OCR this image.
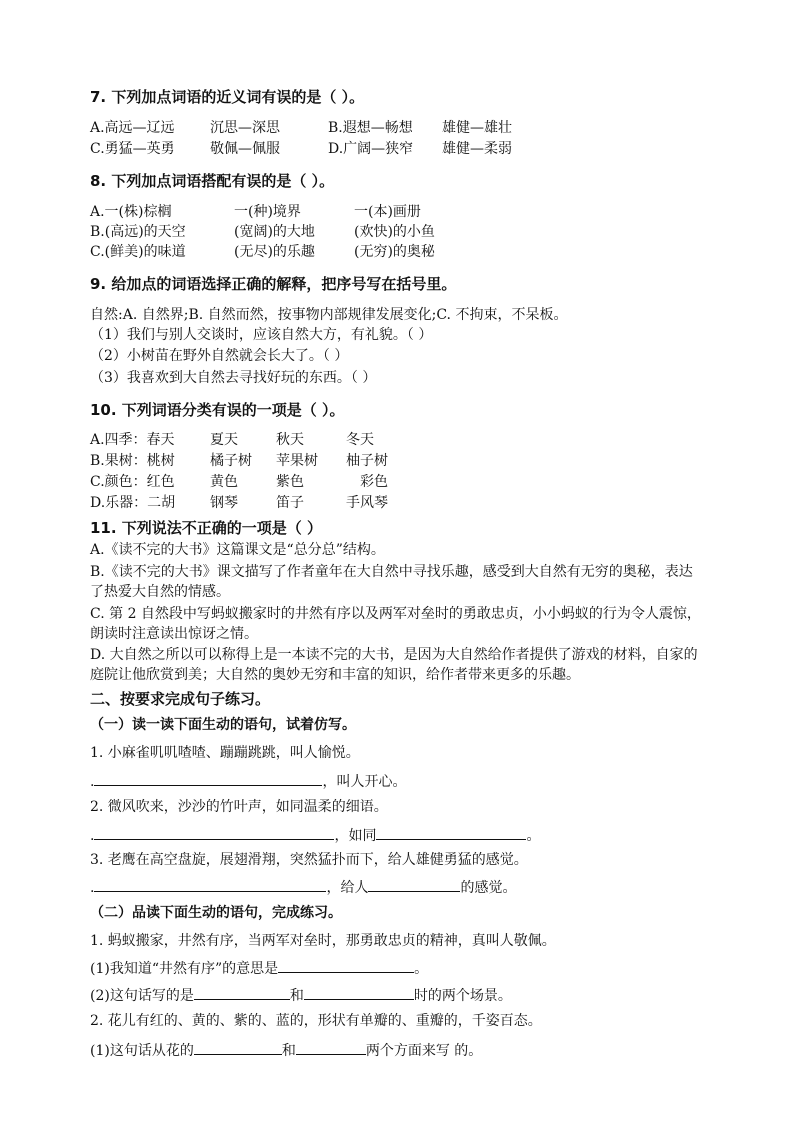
7. 下列加点词语的近义词有误的是（ ）。
A.高远—辽远	沉思—深思	B.遐想—畅想 雄健—雄壮
C.勇猛—英勇	敬佩—佩服	D.广阔—狭窄 雄健—柔弱
8. 下列加点词语搭配有误的是（ ）。
A.一(株)棕榈	一(种)境界	一(本)画册
B.(高远)的天空	(宽阔)的大地	(欢快)的小鱼
C.(鲜美)的味道	(无尽)的乐趣	(无穷)的奥秘
9. 给加点的词语选择正确的解释，把序号写在括号里。
自然:A. 自然界;B. 自然而然，按事物内部规律发展变化;C. 不拘束，不呆板。
（1）我们与别人交谈时，应该自然大方，有礼貌。（ ）
（2）小树苗在野外自然就会长大了。（ ）
（3）我喜欢到大自然去寻找好玩的东西。（ ）
10. 下列词语分类有误的一项是（ ）。
A.四季：春天	夏天	秋天	冬天
B.果树：桃树	橘子树 苹果树 柚子树
C.颜色：红色	黄色	紫色	彩色
D.乐器：二胡 钢琴	笛子	手风琴
11. 下列说法不正确的一项是（ ）
A.《读不完的大书》这篇课文是“总分总”结构。
B.《读不完的大书》课文描写了作者童年在大自然中寻找乐趣，感受到大自然有无穷的奥秘，表达了热爱大自然的情感。
C. 第 2 自然段中写蚂蚁搬家时的井然有序以及两军对垒时的勇敢忠贞，小小蚂蚁的行为令人震惊，朗读时注意读出惊讶之情。
D. 大自然之所以可以称得上是一本读不完的大书，是因为大自然给作者提供了游戏的材料，自家的庭院让他欣赏到美；大自然的奥妙无穷和丰富的知识，给作者带来更多的乐趣。
二、按要求完成句子练习。
（一）读一读下面生动的语句，试着仿写。
1. 小麻雀叽叽喳喳、蹦蹦跳跳，叫人愉悦。
.	，叫人开心。
2. 微风吹来，沙沙的竹叶声，如同温柔的细语。
.	，如同	。
3. 老鹰在高空盘旋，展翅滑翔，突然猛扑而下，给人雄健勇猛的感觉。
.	，给人	的感觉。
（二）品读下面生动的语句，完成练习。
1. 蚂蚁搬家，井然有序，当两军对垒时，那勇敢忠贞的精神，真叫人敬佩。
(1)我知道“井然有序”的意思是	。
(2)这句话写的是	和	时的两个场景。
2. 花儿有红的、黄的、紫的、蓝的，形状有单瓣的、重瓣的，千姿百态。
(1)这句话从花的	和	两个方面来写 的。
